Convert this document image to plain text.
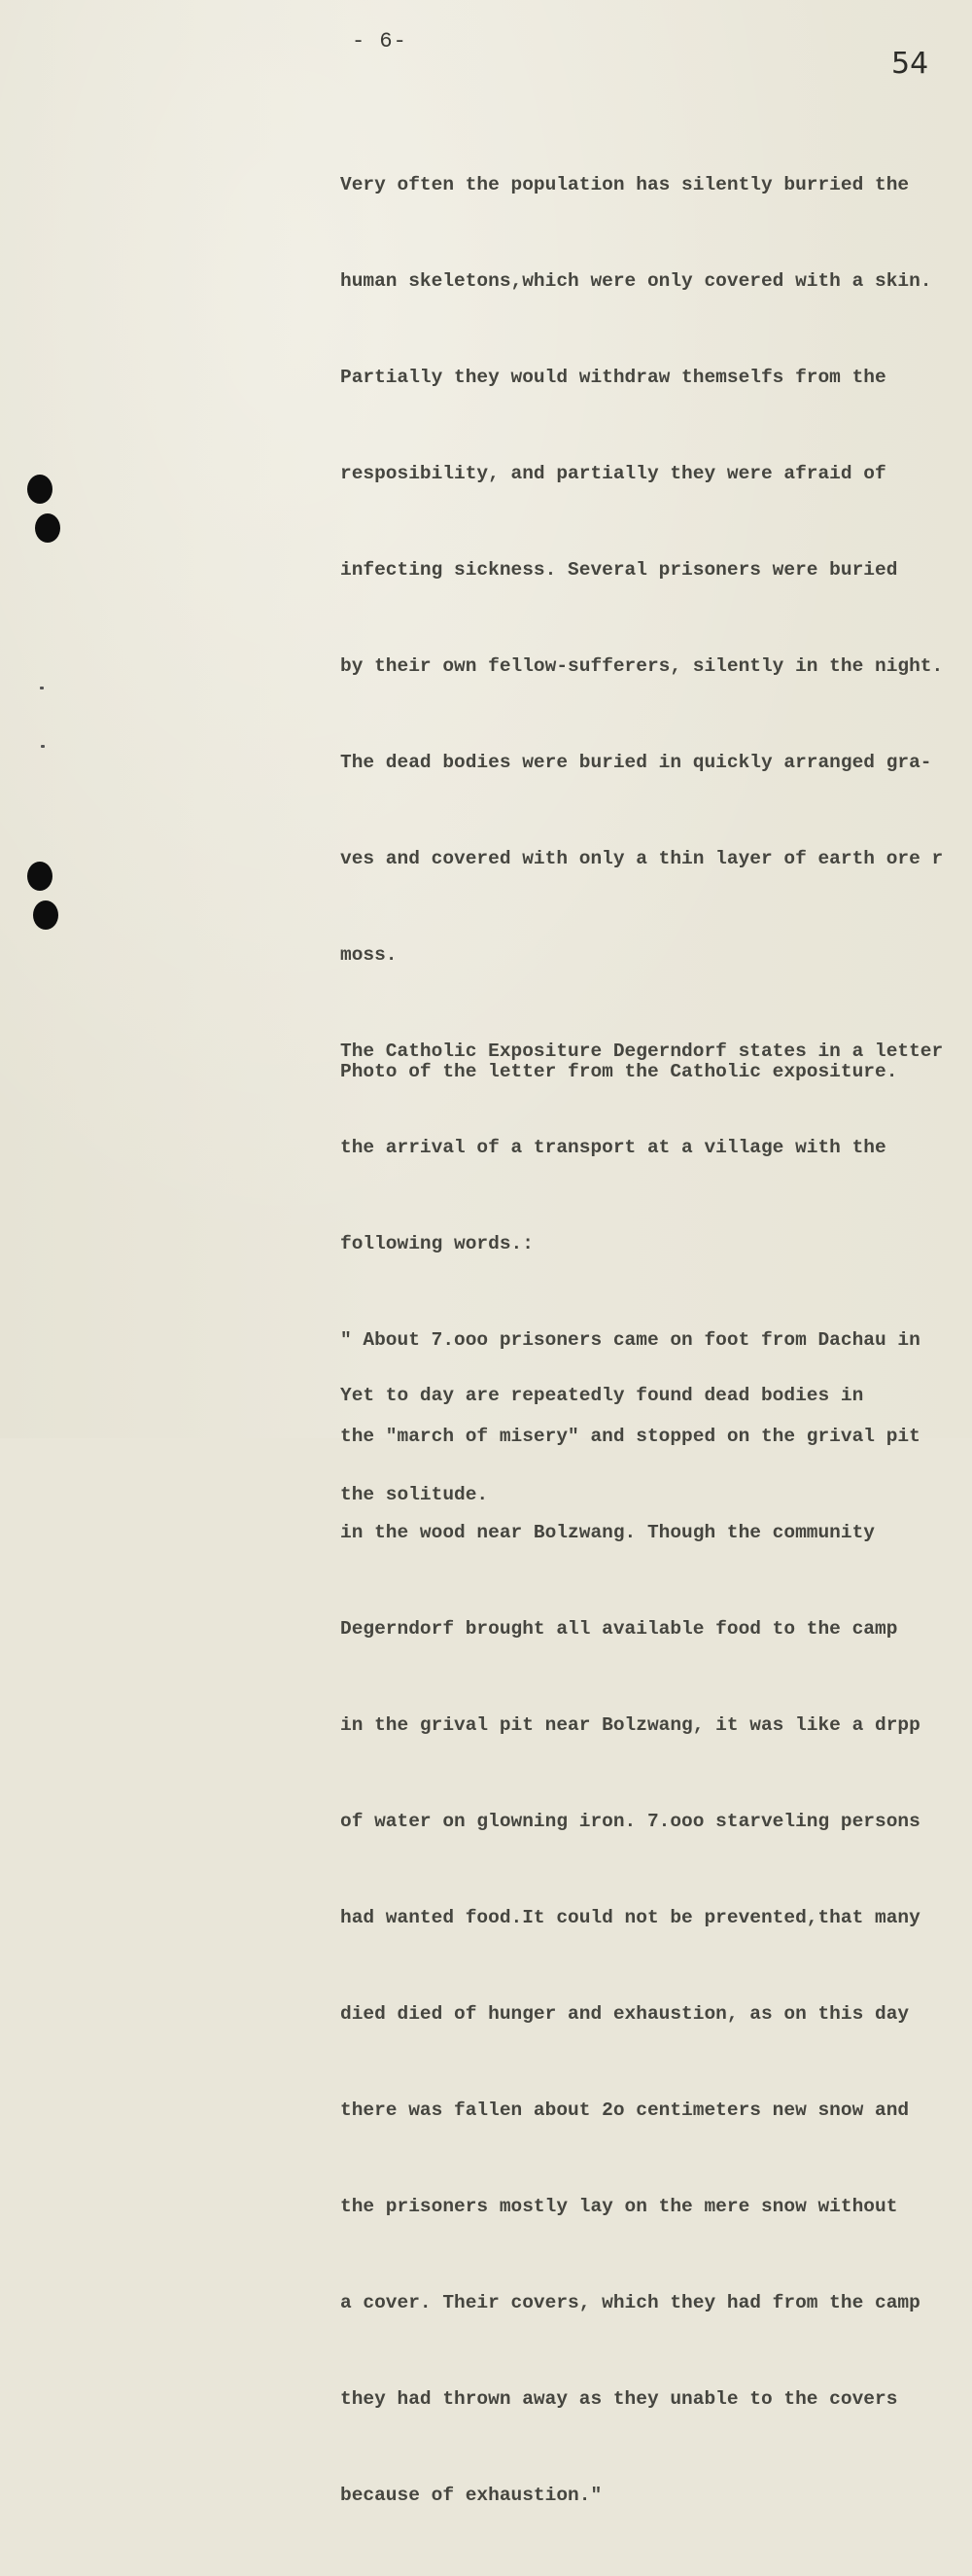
- 6-
54

Very often the population has silently burried the

human skeletons,which were only covered with a skin.

Partially they would withdraw themselfs from the

resposibility, and partially they were afraid of

infecting sickness. Several prisoners were buried

by their own fellow-sufferers, silently in the night.

The dead bodies were buried in quickly arranged gra-

ves and covered with only a thin layer of earth ore r

moss.

The Catholic Expositure Degerndorf states in a letter

the arrival of a transport at a village with the

following words.:

" About 7.ooo prisoners came on foot from Dachau in

the "march of misery" and stopped on the grival pit

in the wood near Bolzwang. Though the community

Degerndorf brought all available food to the camp

in the grival pit near Bolzwang, it was like a drpp

of water on glowning iron. 7.ooo starveling persons

had wanted food.It could not be prevented,that many

died died of hunger and exhaustion, as on this day

there was fallen about 2o centimeters new snow and

the prisoners mostly lay on the mere snow without

a cover. Their covers, which they had from the camp

they had thrown away as they unable to the covers

because of exhaustion."

Photo of the letter from the Catholic expositure.

Yet to day are repeatedly found dead bodies in

the solitude.
